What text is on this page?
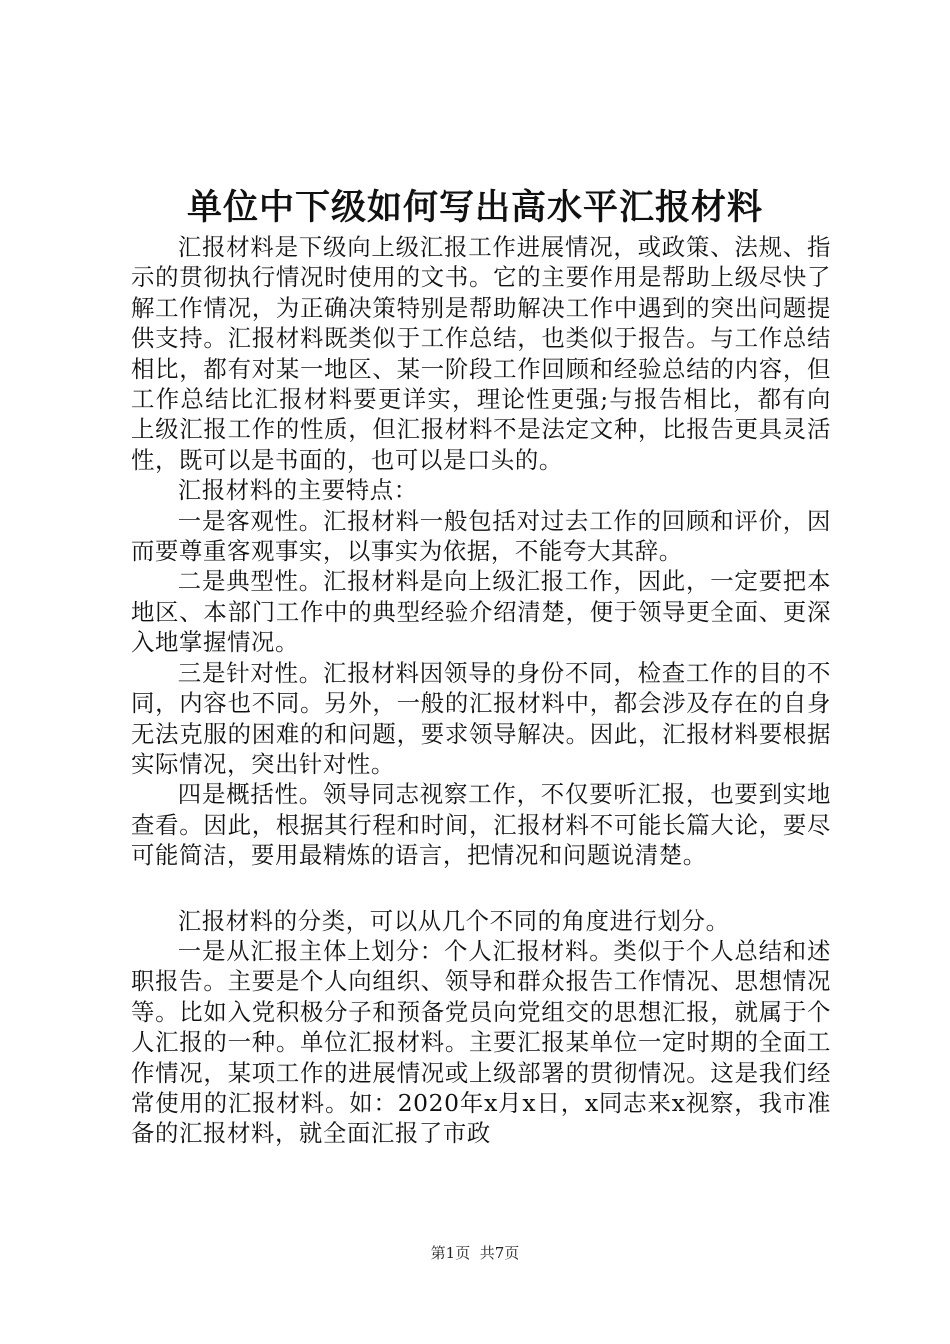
单位中下级如何写出高水平汇报材料

汇报材料是下级向上级汇报工作进展情况，或政策、法规、指示的贯彻执行情况时使用的文书。它的主要作用是帮助上级尽快了解工作情况，为正确决策特别是帮助解决工作中遇到的突出问题提供支持。汇报材料既类似于工作总结，也类似于报告。与工作总结相比，都有对某一地区、某一阶段工作回顾和经验总结的内容，但工作总结比汇报材料要更详实，理论性更强;与报告相比，都有向上级汇报工作的性质，但汇报材料不是法定文种，比报告更具灵活性，既可以是书面的，也可以是口头的。

汇报材料的主要特点：

一是客观性。汇报材料一般包括对过去工作的回顾和评价，因而要尊重客观事实，以事实为依据，不能夸大其辞。

二是典型性。汇报材料是向上级汇报工作，因此，一定要把本地区、本部门工作中的典型经验介绍清楚，便于领导更全面、更深入地掌握情况。

三是针对性。汇报材料因领导的身份不同，检查工作的目的不同，内容也不同。另外，一般的汇报材料中，都会涉及存在的自身无法克服的困难的和问题，要求领导解决。因此，汇报材料要根据实际情况，突出针对性。

四是概括性。领导同志视察工作，不仅要听汇报，也要到实地查看。因此，根据其行程和时间，汇报材料不可能长篇大论，要尽可能简洁，要用最精炼的语言，把情况和问题说清楚。

汇报材料的分类，可以从几个不同的角度进行划分。

一是从汇报主体上划分：个人汇报材料。类似于个人总结和述职报告。主要是个人向组织、领导和群众报告工作情况、思想情况等。比如入党积极分子和预备党员向党组交的思想汇报，就属于个人汇报的一种。单位汇报材料。主要汇报某单位一定时期的全面工作情况，某项工作的进展情况或上级部署的贯彻情况。这是我们经常使用的汇报材料。如：2020年x月x日，x同志来x视察，我市准备的汇报材料，就全面汇报了市政

第1页 共7页
